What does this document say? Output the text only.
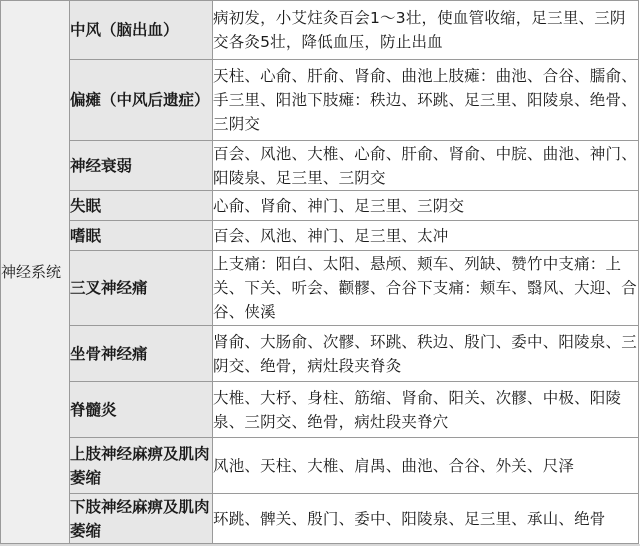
神经系统	中风（脑出血）	病初发，小艾炷灸百会1～3壮，使血管收缩，足三里、三阴交各灸5壮，降低血压，防止出血
	偏瘫（中风后遗症）	天柱、心俞、肝俞、肾俞、曲池上肢瘫：曲池、合谷、臑俞、手三里、阳池下肢瘫：秩边、环跳、足三里、阳陵泉、绝骨、三阴交
	神经衰弱	百会、风池、大椎、心俞、肝俞、肾俞、中脘、曲池、神门、阳陵泉、足三里、三阴交
	失眠	心俞、肾俞、神门、足三里、三阴交
	嗜眠	百会、风池、神门、足三里、太冲
	三叉神经痛	上支痛：阳白、太阳、悬颅、颊车、列缺、赞竹中支痛：上关、下关、听会、颧髎、合谷下支痛：颊车、翳风、大迎、合谷、侠溪
	坐骨神经痛	肾俞、大肠俞、次髎、环跳、秩边、殷门、委中、阳陵泉、三阴交、绝骨，病灶段夹脊灸
	脊髓炎	大椎、大杼、身柱、筋缩、肾俞、阳关、次髎、中极、阳陵泉、三阴交、绝骨，病灶段夹脊穴
	上肢神经麻痹及肌肉萎缩	风池、天柱、大椎、肩禺、曲池、合谷、外关、尺泽
	下肢神经麻痹及肌肉萎缩	环跳、髀关、殷门、委中、阳陵泉、足三里、承山、绝骨
